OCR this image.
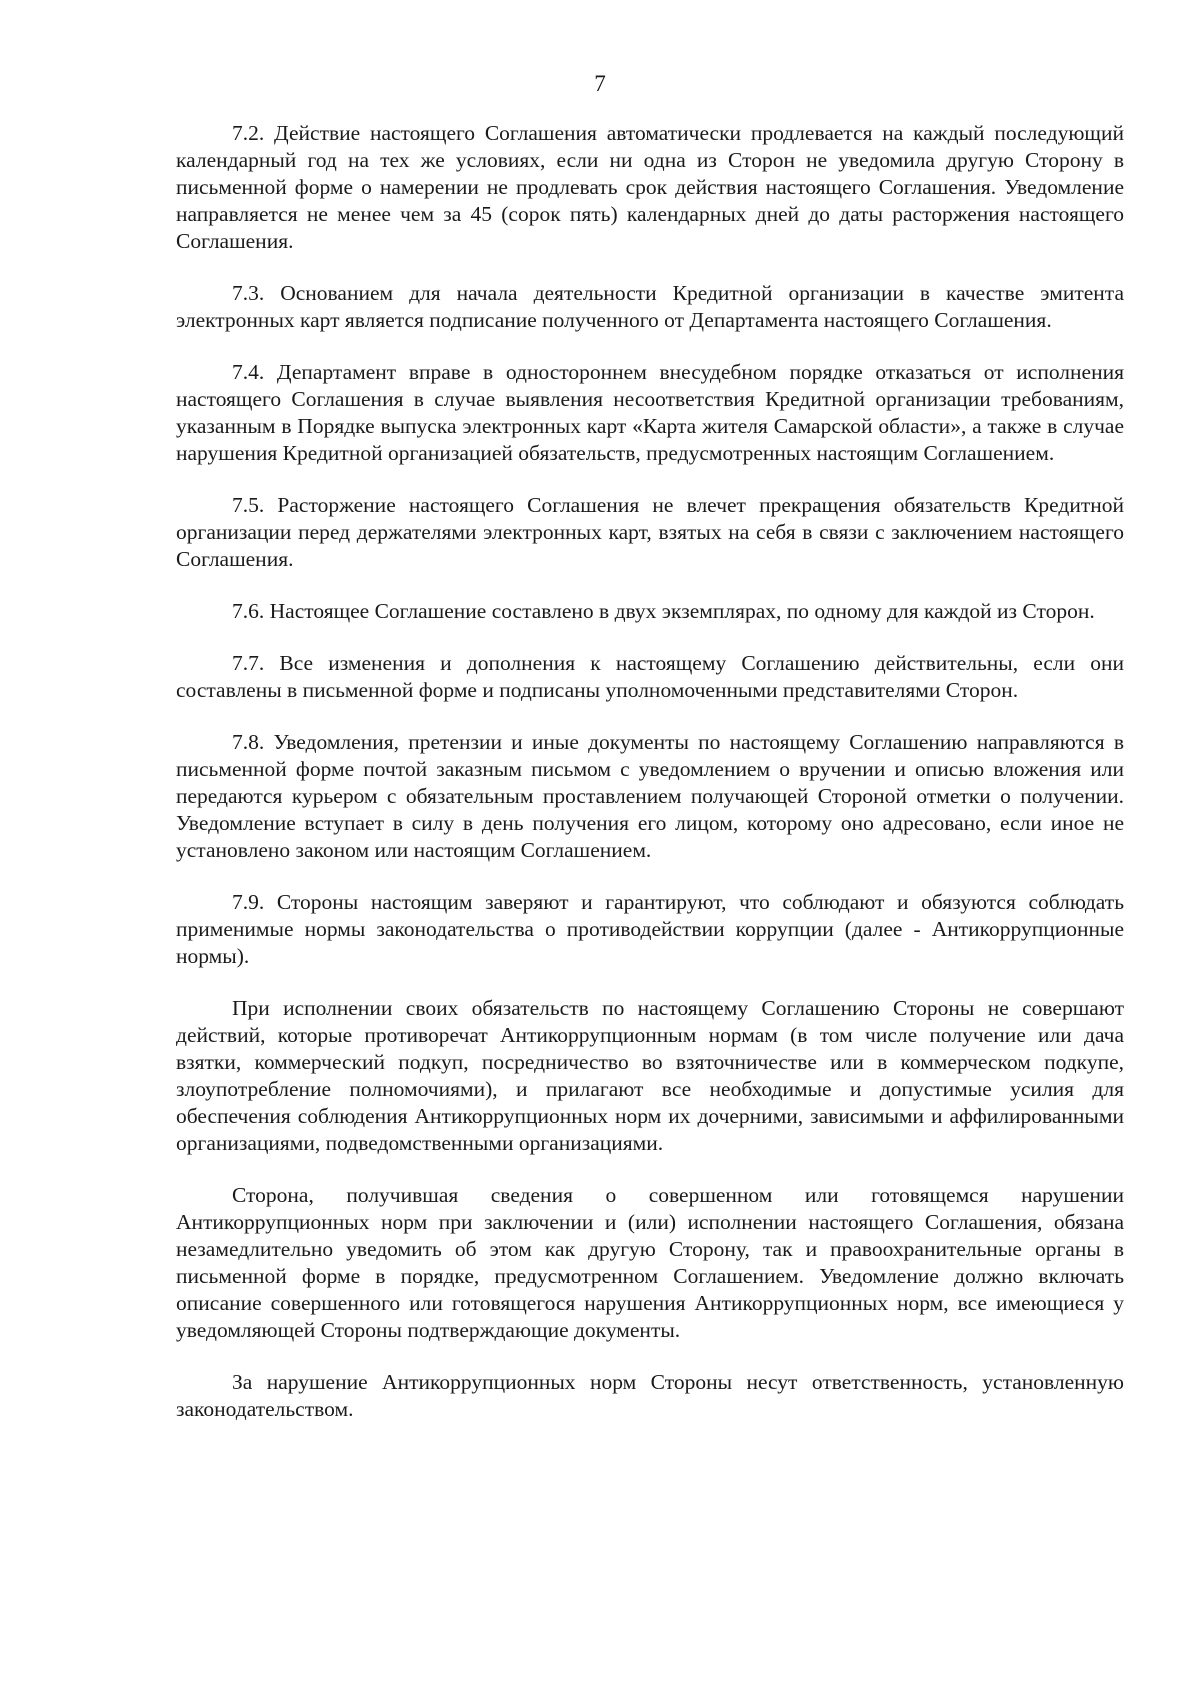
7

7.2. Действие настоящего Соглашения автоматически продлевается на каждый последующий календарный год на тех же условиях, если ни одна из Сторон не уведомила другую Сторону в письменной форме о намерении не продлевать срок действия настоящего Соглашения. Уведомление направляется не менее чем за 45 (сорок пять) календарных дней до даты расторжения настоящего Соглашения.

7.3. Основанием для начала деятельности Кредитной организации в качестве эмитента электронных карт является подписание полученного от Департамента настоящего Соглашения.

7.4. Департамент вправе в одностороннем внесудебном порядке отказаться от исполнения настоящего Соглашения в случае выявления несоответствия Кредитной организации требованиям, указанным в Порядке выпуска электронных карт «Карта жителя Самарской области», а также в случае нарушения Кредитной организацией обязательств, предусмотренных настоящим Соглашением.

7.5. Расторжение настоящего Соглашения не влечет прекращения обязательств Кредитной организации перед держателями электронных карт, взятых на себя в связи с заключением настоящего Соглашения.

7.6. Настоящее Соглашение составлено в двух экземплярах, по одному для каждой из Сторон.

7.7. Все изменения и дополнения к настоящему Соглашению действительны, если они составлены в письменной форме и подписаны уполномоченными представителями Сторон.

7.8. Уведомления, претензии и иные документы по настоящему Соглашению направляются в письменной форме почтой заказным письмом с уведомлением о вручении и описью вложения или передаются курьером с обязательным проставлением получающей Стороной отметки о получении. Уведомление вступает в силу в день получения его лицом, которому оно адресовано, если иное не установлено законом или настоящим Соглашением.

7.9. Стороны настоящим заверяют и гарантируют, что соблюдают и обязуются соблюдать применимые нормы законодательства о противодействии коррупции (далее - Антикоррупционные нормы).

При исполнении своих обязательств по настоящему Соглашению Стороны не совершают действий, которые противоречат Антикоррупционным нормам (в том числе получение или дача взятки, коммерческий подкуп, посредничество во взяточничестве или в коммерческом подкупе, злоупотребление полномочиями), и прилагают все необходимые и допустимые усилия для обеспечения соблюдения Антикоррупционных норм их дочерними, зависимыми и аффилированными организациями, подведомственными организациями.

Сторона, получившая сведения о совершенном или готовящемся нарушении Антикоррупционных норм при заключении и (или) исполнении настоящего Соглашения, обязана незамедлительно уведомить об этом как другую Сторону, так и правоохранительные органы в письменной форме в порядке, предусмотренном Соглашением. Уведомление должно включать описание совершенного или готовящегося нарушения Антикоррупционных норм, все имеющиеся у уведомляющей Стороны подтверждающие документы.

За нарушение Антикоррупционных норм Стороны несут ответственность, установленную законодательством.
